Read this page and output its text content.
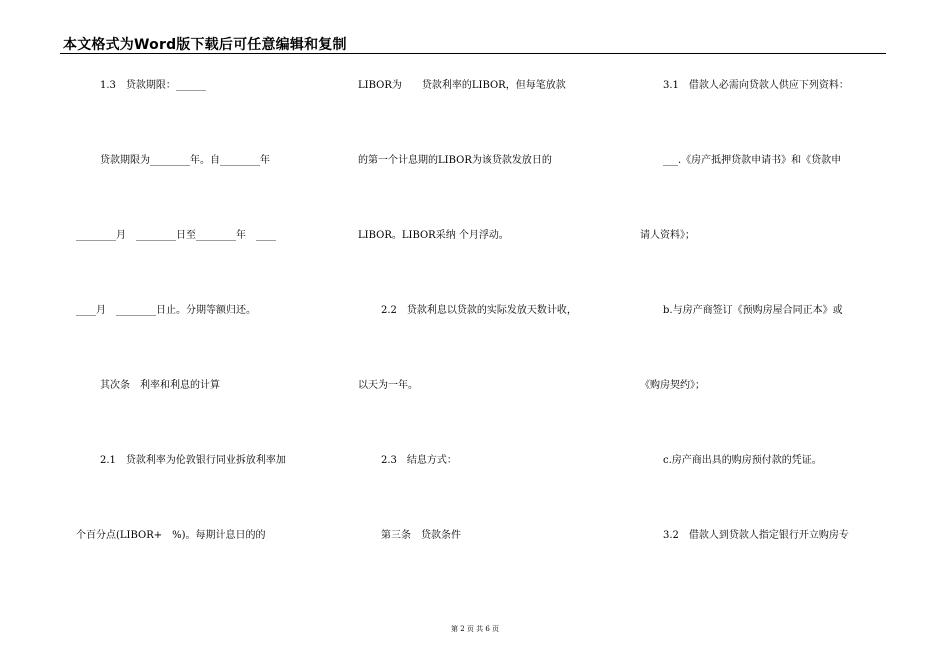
本文格式为Word版下载后可任意编辑和复制
1.3　贷款期限：______
贷款期限为________年。自________年
________月　________日至________年　____
____月　________日止。分期等额归还。
其次条　利率和利息的计算
2.1　贷款利率为伦敦银行同业拆放利率加
个百分点(LIBOR+　%)。每期计息日的的
LIBOR为　　贷款利率的LIBOR，但每笔放款
的第一个计息期的LIBOR为该贷款发放日的
LIBOR。LIBOR采纳 个月浮动。
2.2　贷款利息以贷款的实际发放天数计收，
以天为一年。
2.3　结息方式：
第三条　贷款条件
3.1　借款人必需向贷款人供应下列资料：
___.《房产抵押贷款申请书》和《贷款申
请人资料》；
b.与房产商签订《预购房屋合同正本》或
《购房契约》；
c.房产商出具的购房预付款的凭证。
3.2　借款人到贷款人指定银行开立购房专
第 2 页 共 6 页
